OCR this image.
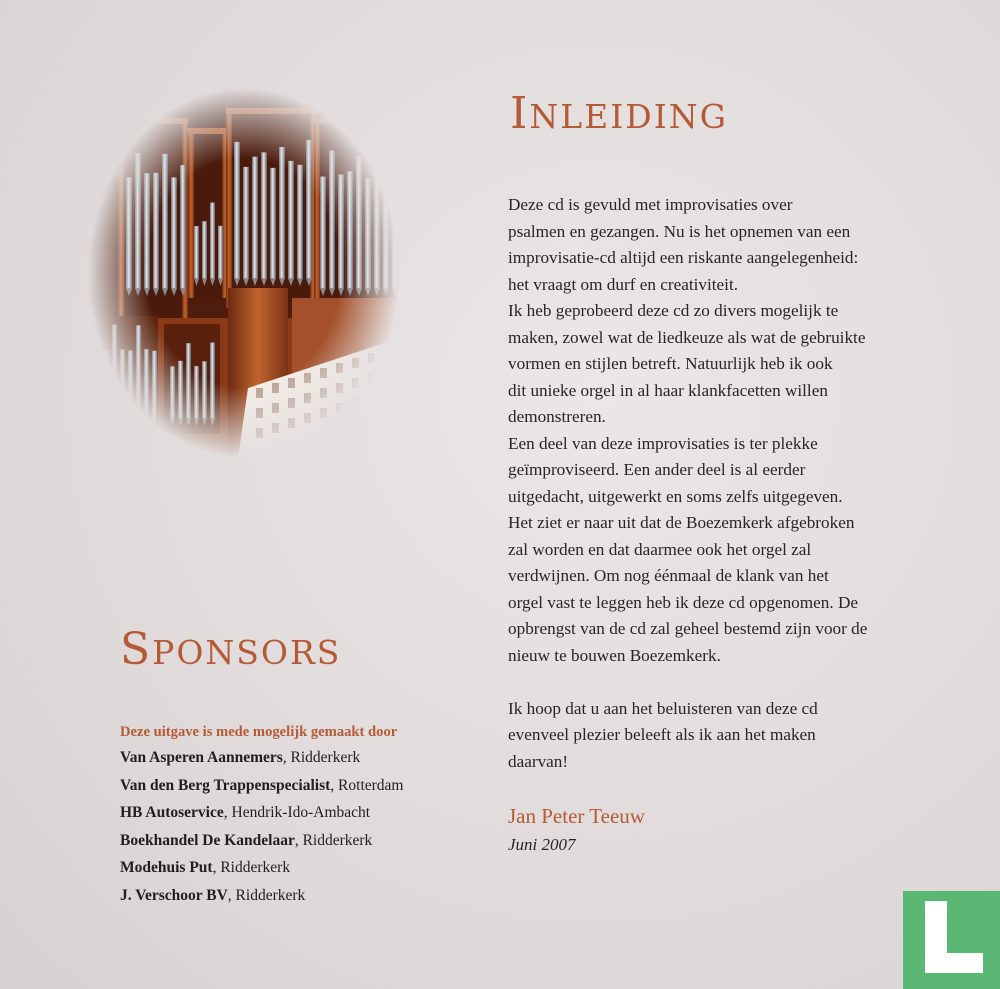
INLEIDING

Deze cd is gevuld met improvisaties over

psalmen en gezangen. Nu is het opnemen van een

improvisatie-cd altijd een riskante aangelegenheid:

het vraagt om durf en creativiteit.

Ik heb geprobeerd deze cd zo divers mogelijk te

maken, zowel wat de liedkeuze als wat de gebruikte

vormen en stijlen betreft. Natuurlijk heb ik ook

dit unieke orgel in al haar klankfacetten willen

demonstreren.

Een deel van deze improvisaties is ter plekke

geïmproviseerd. Een ander deel is al eerder

uitgedacht, uitgewerkt en soms zelfs uitgegeven.

Het ziet er naar uit dat de Boezemkerk afgebroken

zal worden en dat daarmee ook het orgel zal

verdwijnen. Om nog éénmaal de klank van het

orgel vast te leggen heb ik deze cd opgenomen. De

opbrengst van de cd zal geheel bestemd zijn voor de

nieuw te bouwen Boezemkerk.

Ik hoop dat u aan het beluisteren van deze cd

evenveel plezier beleeft als ik aan het maken

daarvan!

Jan Peter Teeuw
Juni 2007
SPONSORS
Deze uitgave is mede mogelijk gemaakt door
Van Asperen Aannemers, Ridderkerk
Van den Berg Trappenspecialist, Rotterdam
HB Autoservice, Hendrik-Ido-Ambacht
Boekhandel De Kandelaar, Ridderkerk
Modehuis Put, Ridderkerk
J. Verschoor BV, Ridderkerk
